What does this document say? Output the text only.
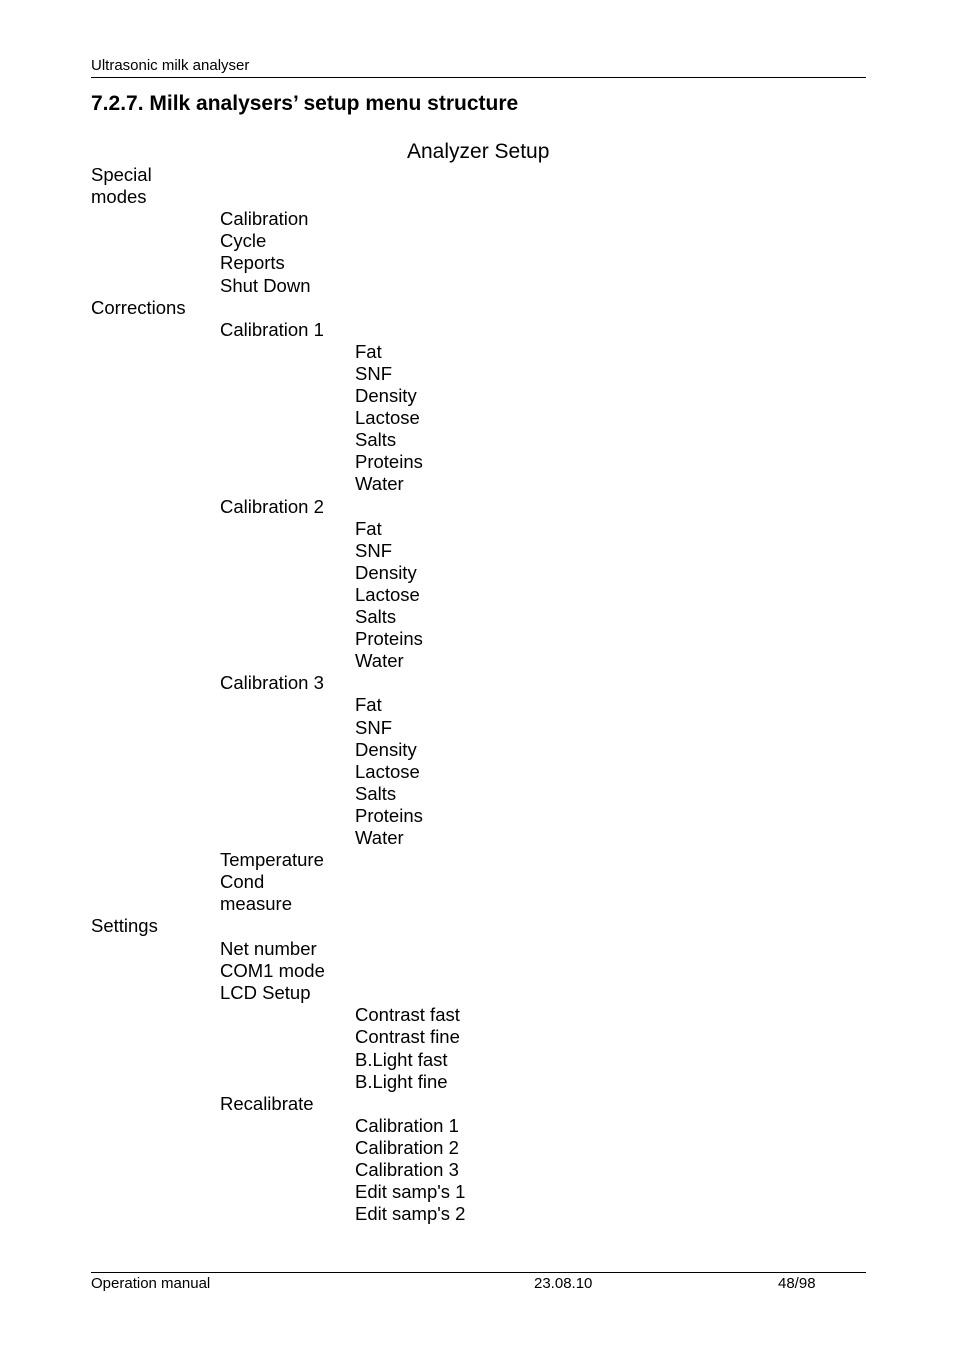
Ultrasonic milk analyser
7.2.7. Milk analysers’ setup menu structure
Analyzer Setup
Special
modes
Calibration
Cycle
Reports
Shut Down
Corrections
Calibration 1
Fat
SNF
Density
Lactose
Salts
Proteins
Water
Calibration 2
Fat
SNF
Density
Lactose
Salts
Proteins
Water
Calibration 3
Fat
SNF
Density
Lactose
Salts
Proteins
Water
Temperature
Cond
measure
Settings
Net number
COM1 mode
LCD Setup
Contrast fast
Contrast fine
B.Light fast
B.Light fine
Recalibrate
Calibration 1
Calibration 2
Calibration 3
Edit samp's 1
Edit samp's 2
Operation manual	23.08.10	48/98
